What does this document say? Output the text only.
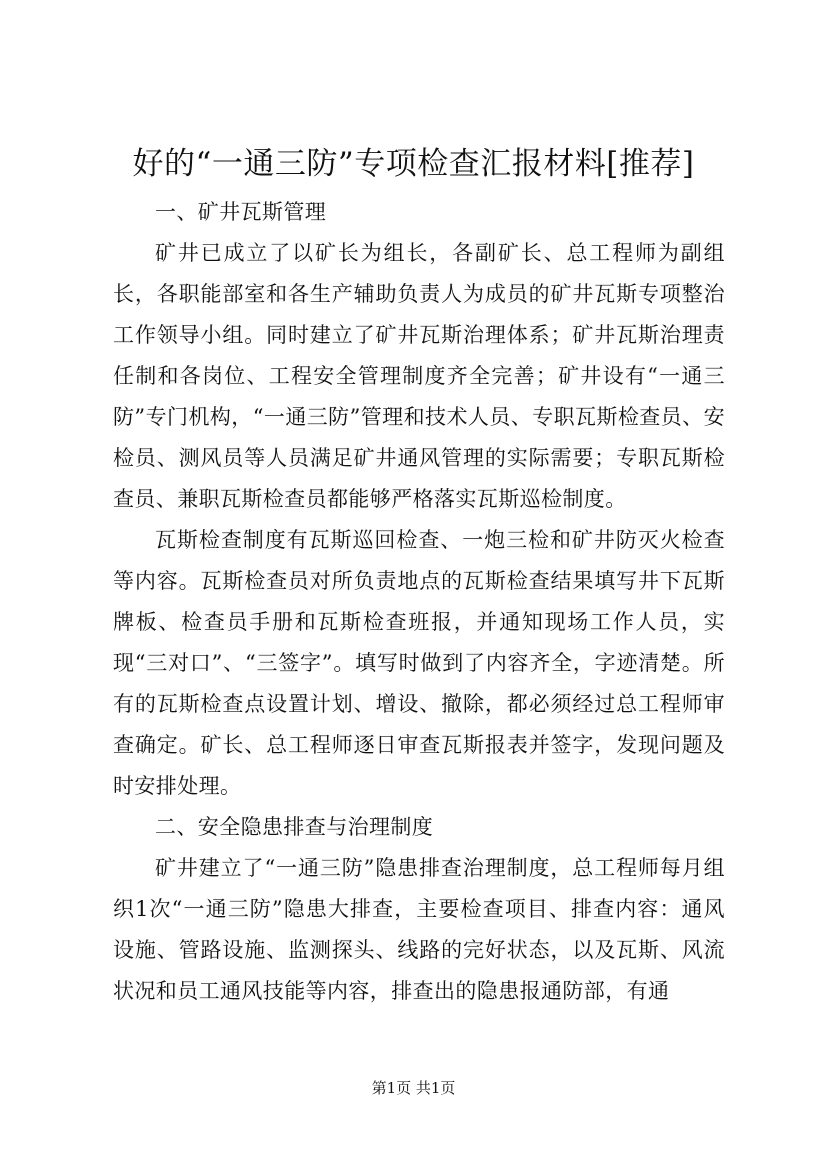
好的“一通三防”专项检查汇报材料[推荐]

一、矿井瓦斯管理

矿井已成立了以矿长为组长，各副矿长、总工程师为副组长，各职能部室和各生产辅助负责人为成员的矿井瓦斯专项整治工作领导小组。同时建立了矿井瓦斯治理体系；矿井瓦斯治理责任制和各岗位、工程安全管理制度齐全完善；矿井设有“一通三防”专门机构，“一通三防”管理和技术人员、专职瓦斯检查员、安检员、测风员等人员满足矿井通风管理的实际需要；专职瓦斯检查员、兼职瓦斯检查员都能够严格落实瓦斯巡检制度。

瓦斯检查制度有瓦斯巡回检查、一炮三检和矿井防灭火检查等内容。瓦斯检查员对所负责地点的瓦斯检查结果填写井下瓦斯牌板、检查员手册和瓦斯检查班报，并通知现场工作人员，实现“三对口”、“三签字”。填写时做到了内容齐全，字迹清楚。所有的瓦斯检查点设置计划、增设、撤除，都必须经过总工程师审查确定。矿长、总工程师逐日审查瓦斯报表并签字，发现问题及时安排处理。

二、安全隐患排查与治理制度

矿井建立了“一通三防”隐患排查治理制度，总工程师每月组织1次“一通三防”隐患大排查，主要检查项目、排查内容：通风设施、管路设施、监测探头、线路的完好状态，以及瓦斯、风流状况和员工通风技能等内容，排查出的隐患报通防部，有通

第1页 共1页
